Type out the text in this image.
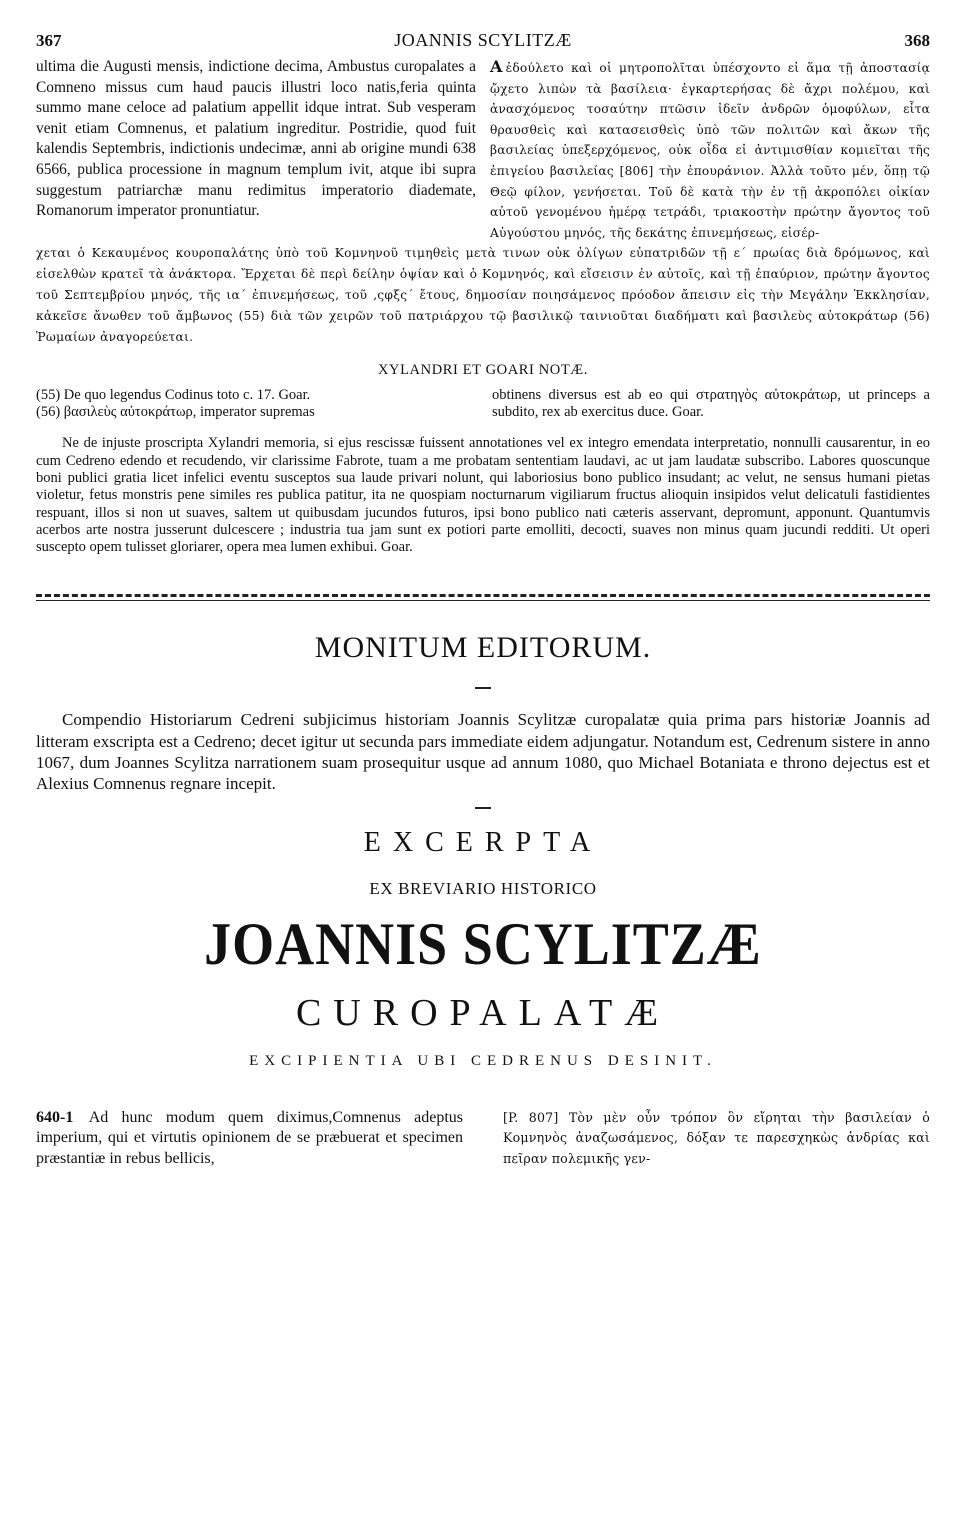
367	JOANNIS SCYLITZÆ	368
ultima die Augusti mensis, indictione decima, Ambustus curopalates a Comneno missus cum haud paucis illustri loco natis,feria quinta summo mane celoce ad palatium appellit idque intrat. Sub vesperam venit etiam Comnenus, et palatium ingreditur. Postridie, quod fuit kalendis Septembris, indictionis undecimæ, anni ab origine mundi 638 6566, publica processione in magnum templum ivit, atque ibi supra suggestum patriarchæ manu redimitus imperatorio diademate, Romanorum imperator pronuntiatur.
A ἐδούλετο καὶ οἱ μητροπολῖται ὑπέσχοντο εἰ ἅμα τῇ ἀποστασίᾳ ᾤχετο λιπὼν τὰ βασίλεια· ἐγκαρτερήσας δὲ ἄχρι πολέμου, καὶ ἀνασχόμενος τοσαύτην πτῶσιν ἰδεῖν ἀνδρῶν ὁμοφύλων, εἶτα θραυσθεὶς καὶ κατασεισθεὶς ὑπὸ τῶν πολιτῶν καὶ ἄκων τῆς βασιλείας ὑπεξερχόμενος, οὐκ οἶδα εἰ ἀντιμισθίαν κομιεῖται τῆς ἐπιγείου βασιλείας [806] τὴν ἐπουράνιον. Ἀλλὰ τοῦτο μέν, ὅπῃ τῷ Θεῷ φίλον, γενήσεται. Τοῦ δὲ κατὰ τὴν ἐν τῇ ἀκροπόλει οἰκίαν αὐτοῦ γενομένου ἡμέρᾳ τετράδι, τριακοστὴν πρώτην ἄγοντος τοῦ Αὐγούστου μηνός, τῆς δεκάτης ἐπινεμήσεως, εἰσέρ-
χεται ὁ Κεκαυμένος κουροπαλάτης ὑπὸ τοῦ Κομνηνοῦ τιμηθεὶς μετὰ τινων οὐκ ὀλίγων εὐπατριδῶν τῇ ε΄ πρωίας διὰ δρόμωνος, καὶ εἰσελθὼν κρατεῖ τὰ ἀνάκτορα. Ἔρχεται δὲ περὶ δείλην ὀψίαν καὶ ὁ Κομνηνός, καὶ εἴσεισιν ἐν αὐτοῖς, καὶ τῇ ἐπαύριον, πρώτην ἄγοντος τοῦ Σεπτεμβρίου μηνός, τῆς ια΄ ἐπινεμήσεως, τοῦ ‚ςφξς΄ ἔτους, δημοσίαν ποιησάμενος πρόοδον ἄπεισιν εἰς τὴν Μεγάλην Ἐκκλησίαν, κἀκεῖσε ἄνωθεν τοῦ ἄμβωνος (55) διὰ τῶν χειρῶν τοῦ πατριάρχου τῷ βασιλικῷ ταινιοῦται διαδήματι καὶ βασιλεὺς αὐτοκράτωρ (56) Ῥωμαίων ἀναγορεύεται.
XYLANDRI ET GOARI NOTÆ.

(55) De quo legendus Codinus toto c. 17. Goar.

(56) βασιλεὺς αὐτοκράτωρ, imperator supremas

obtinens diversus est ab eo qui στρατηγὸς αὐτοκράτωρ, ut princeps a subdito, rex ab exercitus duce. Goar.

Ne de injuste proscripta Xylandri memoria, si ejus rescissæ fuissent annotationes vel ex integro emendata interpretatio, nonnulli causarentur, in eo cum Cedreno edendo et recudendo, vir clarissime Fabrote, tuam a me probatam sententiam laudavi, ac ut jam laudatæ subscribo. Labores quoscunque boni publici gratia licet infelici eventu susceptos sua laude privari nolunt, qui laboriosius bono publico insudant; ac velut, ne sensus humani pietas violetur, fetus monstris pene similes res publica patitur, ita ne quospiam nocturnarum vigiliarum fructus alioquin insipidos velut delicatuli fastidientes respuant, illos si non ut suaves, saltem ut quibusdam jucundos futuros, ipsi bono publico nati cæteris asservant, depromunt, apponunt. Quantumvis acerbos arte nostra jusserunt dulcescere ; industria tua jam sunt ex potiori parte emolliti, decocti, suaves non minus quam jucundi redditi. Ut operi suscepto opem tulisset gloriarer, opera mea lumen exhibui. Goar.

MONITUM EDITORUM.

Compendio Historiarum Cedreni subjicimus historiam Joannis Scylitzæ curopalatæ quia prima pars historiæ Joannis ad litteram exscripta est a Cedreno; decet igitur ut secunda pars immediate eidem adjungatur. Notandum est, Cedrenum sistere in anno 1067, dum Joannes Scylitza narrationem suam prosequitur usque ad annum 1080, quo Michael Botaniata e throno dejectus est et Alexius Comnenus regnare incepit.

EXCERPTA
EX BREVIARIO HISTORICO
JOANNIS SCYLITZÆ
CUROPALATÆ
EXCIPIENTIA UBI CEDRENUS DESINIT.
640-1 Ad hunc modum quem diximus,Comnenus adeptus imperium, qui et virtutis opinionem de se præbuerat et specimen præstantiæ in rebus bellicis,
[P. 807] Τὸν μὲν οὖν τρόπον ὃν εἴρηται τὴν βασιλείαν ὁ Κομνηνὸς ἀναζωσάμενος, δόξαν τε παρεσχηκὼς ἀνδρίας καὶ πεῖραν πολεμικῆς γεν-
